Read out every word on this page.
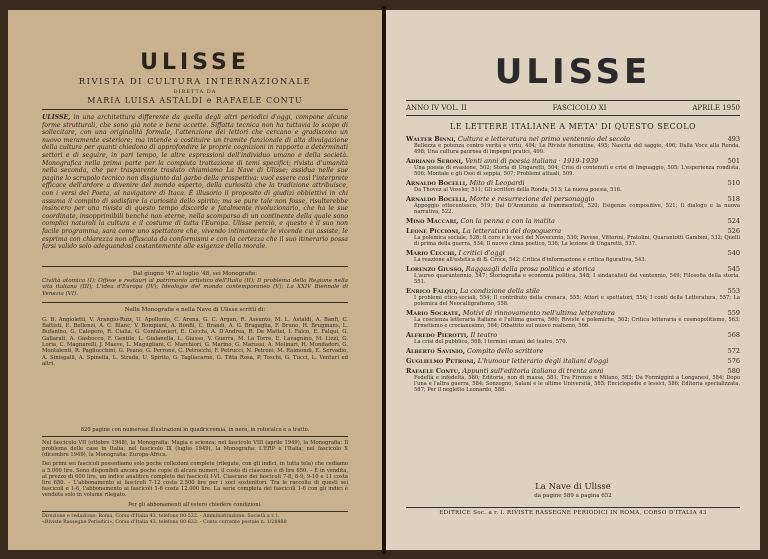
ULISSE
RIVISTA DI CULTURA INTERNAZIONALE
DIRETTA DA
MARIA LUISA ASTALDI e RAFAELE CONTU
ULISSE, in una architettura differente da quella degli altri periodici d'oggi, compone alcune forme strutturali, che sono già note e bene accette. Siffatta tecnica non ha tuttavia lo scopo di sollecitare, con una originalità formale, l'attenzione dei lettori che cercano e gradiscono un nuovo meramente esteriore; ma intende a costituire un tramite funzionale di alta divulgazione della cultura per quanti chiedono di approfondire le proprie cognizioni in rapporto a determinati settori e di seguire, in pari tempo, le altre espressioni dell'individuo umano e della società. Monografica nella prima parte per la compiuta trattazione di temi specifici; rivista d'umanità nella seconda, che per trasparente traslato chiamiamo La Nave di Ulisse; assidua nelle sue pagine lo scrupolo tecnico non disgiunto dal garbo della prospettiva: vuol essere così l'interprete efficace dell'ardore a divenire del mondo esperto, della curiosità che la tradizione attribuisce, con i versi del Poeta, al navigatore di Itaca. È illusorio il proposito di giudizi obbiettivi in chi assuma il compito di sodisfare la curiosità dello spirito; ma se pure tale non fosse, risulterebbe insincero per una rivista di questo tempo discorde e fatalmente rivoluzionario, che ha le sue coordinate, insopprimibili benché non eterne, nella scomparsa di un continente della quale sono complici naturali la cultura e il costume di tutta l'Europa. Ulisse perciò, e questo è il suo non facile programma, sarà come uno spettatore che, vivendo intimamente le vicende cui assiste, le esprima con chiarezza non offuscata da conformismi e con la certezza che il suo itinerario possa farsi valido solo adeguandosi costantemente alle esigenze della morale.
Dal giugno '47 al luglio '48, sei Monografie:
Civiltà atomica (I); Offese e restauri al patrimonio artistico dell'Italia (II); Il problema della Regione nella vita italiana (III); L'idea d'Europa (IV); Ideologie del mondo contemporaneo (V); La XXIV Biennale di Venezia (VI).
Nelle Monografie e nella Nave di Ulisse scritti di:
G. B. Angioletti, V. Arangio-Ruiz, U. Apollonio, C. Arena, G. C. Argan, R. Assunto, M. L. Astaldi, A. Banfi, C. Battisti, E. Bellenzi, A. C. Blanc, V. Bompiani, A. Bonfil, C. Brandi, A. G. Bragaglia, F. Bruno, H. Brugmans, L. Bufanino, G. Calogero, R. Cialia, G. Confalonieri, E. Cecchi, A. D'Andrea, R. De Mattei, I. Falco, E. Falqui, G. Gallarati, A. Gasbocco, F. Gentile, L. Gialanella, L. Giusso, V. Guerra, M. La Torre, E. Lavagnino, M. Lizzi, G. Loria, C. Magnarelli, J. Maeve, L. Magugliani, C. Marchiori, G. Marino, G. Marussi, A. Molinari, H. Mondadori, G. Montalenti, R. Pagliucchini, G. Peano, G. Perrone, C. Petrocchi, F. Petrucci, N. Petroni, M. Raimondi, E. Servadio, A. Sinisgalli, A. Spinella, L. Strada, U. Spirito, G. Tagliacarne, G. Titta Rosa, P. Toschi, G. Tucci, L. Venturi ed altri.
820 pagine con numerose illustrazioni in quadricromia, in nero, in rotocalco e a tratto.
Nel fascicolo VII (ottobre 1948), la Monografia: Magia e scienza; nel fascicolo VIII (aprile 1949), la Monografia: Il problema delle case in Italia; nel fascicolo IX (luglio 1949), la Monografia: L'ERP e l'Italia; nel fascicolo X (dicembre 1949), la Monografia: Europa-Africa.
Dei primi sei fascicoli possediamo solo poche collezioni complete (rilegate, con gli indici, in tutta tela) che cediamo a 5.000 lire. Sono disponibili ancora poche copie di alcuni numeri; il costo di ciascuno è di lire 650. – È in vendita, al prezzo di 600 lire, un indice analitico completo dei fascicoli I-VI. Ciascuno dei fascicoli 7-8, 8-9, 9-10 e 11 costa lire 650. – L'abbonamento ai fascicoli 7-12 costa 2.500 lire per i soci sostenitori. Tra le raccolte di questi sei fascicoli e 1-6, l'abbonamento ai fascicoli 1-6 costa 12.000 lire. La serie completa dei fascicoli 1-6 con gli indici è venduta solo in volume rilegato.
Per gli abbonamenti all'estero chiedere condizioni.
Direzione e redazione: Roma, Corso d'Italia 43, telefono 80-532. - Amministrazione: Società a r. l.
«Riviste Rassegne Periodici», Corso d'Italia 43, telefono 80-632. - Conto corrente postale n. 1/28880
ULISSE
ANNO IV VOL. II	FASCICOLO XI	APRILE 1950
LE LETTERE ITALIANE A META' DI QUESTO SECOLO
Walter Binni, Cultura e letteratura nel primo ventennio del secolo	493
Bellezza e potenza contro verità e virtù, 494; Le Riviste fiorentine, 495; Nascita del saggio, 496; Dalla Voce alla Ronda, 498; Una cultura paurosa di impegni pratici, 499.
Adriano Seroni, Venti anni di poesia italiana · 1919-1939	501
Una poesia di evasione, 502; Storia di Ungaretti, 504; Crisi di contenuti e crisi di linguaggio, 505; L'esperienza rondista, 506; Montale e gli Ossi di seppia, 507; Problemi attuali, 509.
Arnaldo Bocelli, Mito di Leopardi	510
Da Thovez al Vossler, 511; Gli scrittori della Ronda, 513; La nuova poesia, 516.
Arnaldo Bocelli, Morte e resurrezione del personaggio	518
Appoggio ottocentesco, 519; Dal D'Annunzio ai frammentisti, 520; Esigenze compositive, 521; Il dialogo e la nuova narrativa, 522.
Mino Maccari, Con la penna e con la matita	524
Leone Piccioni, La letteratura del dopoguerra	526
La polemica sociale, 528; Il coro e le voci del Novecento, 530; Pavese, Vittorini, Pratolini, Quarantotti Gambini, 532; Quelli di prima della guerra, 534; Il nuovo clima poetico, 536; La lezione di Ungaretti, 537.
Mario Cecchi, I critici d'oggi	540
La reazione all'estetica di B. Croce, 542; Critica d'informazione e critica figurativa, 543.
Lorenzo Giusso, Ragguagli della prosa politica e storica	545
L'aureo quarantennio, 547; Storiografia e economia politica, 548; I sindacalisti del ventennio, 549; Filosofia della storia, 551.
Enrico Falqui, La condizione della stile	553
I problemi etico-sociali, 554; Il contributo della cronaca, 555; Attori e spettatori, 556; I conti della Letteratura, 557; La polemica del Neocalligrafismo, 558.
Mario Socrate, Motivi di rinnovamento nell'ultima letteratura	559
La coscienza letteraria italiana e l'ultima guerra, 560; Riviste e polemiche, 562; Critica letteraria e cosmopolitismo, 563; Ermetismo e crocianesimo, 564; Dibattito sul nuovo realismo, 566.
Alfredo Pierotti, Il teatro	568
La crisi del pubblico, 568; I termini umani del teatro, 570.
Alberto Savinio, Compito dello scrittore	572
Guglielmo Petroni, L'humour letterario degli italiani d'oggi	576
Rafaele Contu, Appunti sull'editoria italiana di trenta anni	580
Fedeltà e infedeltà, 580; Editoria, non di massa, 581; Tra Firenze e Milano, 583; Da Formiggini a Longanesi, 584; Dopo l'una e l'altra guerra, 584; Sonzogno, Salani e le ultime Università, 585; Enciclopedie e lessici, 586; Editoria specializzata, 587; Per il negletto Leonardo, 588.
La Nave di Ulisse
da pagine 589 a pagina 652
EDITRICE Soc. a r. l. RIVISTE RASSEGNE PERIODICI IN ROMA, CORSO D'ITALIA 43
